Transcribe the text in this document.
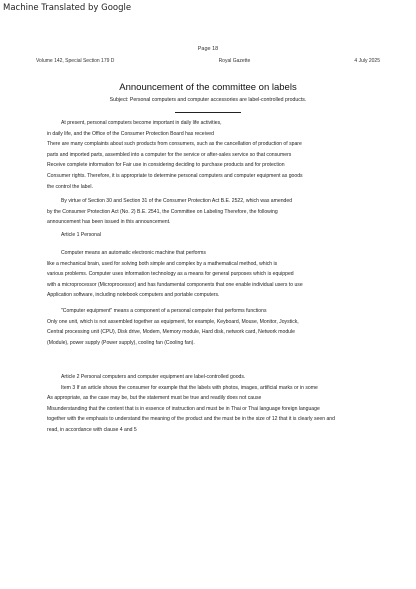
Machine Translated by Google
Page 18
Volume 142, Special Section 179 D	Royal Gazette	4 July 2025
Announcement of the committee on labels
Subject: Personal computers and computer accessories are label-controlled products.
At present, personal computers become important in daily life activities,
in daily life, and the Office of the Consumer Protection Board has received
There are many complaints about such products from consumers, such as the cancellation of production of spare
parts and imported parts, assembled into a computer for the service or after-sales service so that consumers
Receive complete information for Fair use in considering deciding to purchase products and for protection
Consumer rights. Therefore, it is appropriate to determine personal computers and computer equipment as goods
the control the label.
By virtue of Section 30 and Section 31 of the Consumer Protection Act B.E. 2522, which was amended
by the Consumer Protection Act (No. 2) B.E. 2541, the Committee on Labeling Therefore, the following
announcement has been issued in this announcement.
Article 1 Personal
Computer means an automatic electronic machine that performs
like a mechanical brain, used for solving both simple and complex by a mathematical method, which is
various problems. Computer uses information technology as a means for general purposes which is equipped
with a microprocessor (Microprocessor) and has fundamental components that one enable individual users to use
Application software, including notebook computers and portable computers.
"Computer equipment" means a component of a personal computer that performs functions
Only one unit, which is not assembled together as equipment, for example, Keyboard, Mouse, Monitor, Joystick,
Central processing unit (CPU), Disk drive, Modem, Memory module, Hard disk, network card, Network module
(Module), power supply (Power supply), cooling fan (Cooling fan).
Article 2 Personal computers and computer equipment are label-controlled goods.
Item 3 If an article shows the consumer for example that the labels with photos, images, artificial marks or in some
As appropriate, as the case may be, but the statement must be true and readily does not cause
Misunderstanding that the content that is in essence of instruction and must be in Thai or Thai language foreign language
together with the emphasis to understand the meaning of the product and the must be in the size of 12 that it is clearly seen and
read, in accordance with clause 4 and 5
